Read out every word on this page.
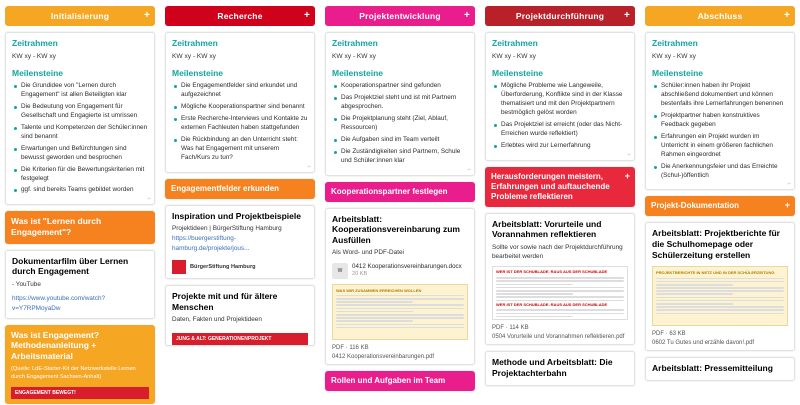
Initialisierung	+
Zeitrahmen
KW xy - KW xy
Meilensteine
Die Grundidee von "Lernen durch Engagement" ist allen Beteiligten klar
Die Bedeutung von Engagement für Gesellschaft und Engagierte ist umrissen
Talente und Kompetenzen der Schüler:innen sind benannt
Erwartungen und Befürchtungen sind bewusst geworden und besprochen
Die Kriterien für die Bewertungskriterien mit festgelegt
ggf. sind bereits Teams gebildet worden
⌐
Was ist "Lernen durch Engagement"?
Dokumentarfilm über Lernen durch Engagement
- YouTube
https://www.youtube.com/watch?v=Y7RPMoyaDw
Was ist Engagement? Methodenanleitung + Arbeitsmaterial
(Quelle: LdE-Starter-Kit der Netzwerkstelle Lernen durch Engagement Sachsen-Anhalt)
ENGAGEMENT BEWEGT!
Recherche	+
Zeitrahmen
KW xy - KW xy
Meilensteine
Die Engagementfelder sind erkundet und aufgezeichnet
Mögliche Kooperationspartner sind benannt
Erste Recherche-Interviews und Kontakte zu externen Fachleuten haben stattgefunden
Die Rückbindung an den Unterricht steht: Was hat Engagement mit unserem Fach/Kurs zu tun?
⌐
Engagementfelder erkunden
Inspiration und Projektbeispiele
Projektideen | BürgerStiftung Hamburg
https://buergerstiftung-hamburg.de/projekte/jous...
BürgerStiftung Hamburg
Projekte mit und für ältere Menschen
Daten, Fakten und Projektideen
JUNG & ALT: GENERATIONENPROJEKT
Projektentwicklung +
Zeitrahmen
KW xy - KW xy
Meilensteine
Kooperationspartner sind gefunden
Das Projektziel steht und ist mit Partnern abgesprochen.
Die Projektplanung steht (Ziel, Ablauf, Ressourcen)
Die Aufgaben sind im Team verteilt
Die Zuständigkeiten sind Partnern, Schule und Schüler:innen klar
⌐
Kooperationspartner festlegen
Arbeitsblatt: Kooperationsvereinbarung zum Ausfüllen
Als Word- und PDF-Datei
W
0412 Kooperationsvereinbarungen.docx
20 KB
WAS WIR ZUSAMMEN ERREICHEN WOLLEN
PDF · 116 KB
0412 Kooperationsvereinbarungen.pdf
Rollen und Aufgaben im Team
Projektdurchführung +
Zeitrahmen
KW xy - KW xy
Meilensteine
Mögliche Probleme wie Langeweile, Überforderung, Konflikte sind in der Klasse thematisiert und mit den Projektpartnern bestmöglich gelöst worden
Das Projektziel ist erreicht (oder das Nicht-Erreichen wurde reflektiert)
Erlebtes wird zur Lernerfahrung
⌐
Herausforderungen meistern, Erfahrungen und auftauchende Probleme reflektieren
+
Arbeitsblatt: Vorurteile und Vorannahmen reflektieren
Sollte vor sowie nach der Projektdurchführung bearbeitet werden
WER IST DER SCHUBLADE. RAUS AUS DER SCHUBLADE
WER IST DER SCHUBLADE. RAUS AUS DER SCHUBLADE
PDF · 114 KB
0504 Vorurteile und Vorannahmen reflektieren.pdf
Methode und Arbeitsblatt: Die Projektachterbahn
Abschluss	+
Zeitrahmen
KW xy - KW xy
Meilensteine
Schüler:innen haben ihr Projekt abschließend dokumentiert und können bestenfalls ihre Lernerfahrungen benennen
Projektpartner haben konstruktives Feedback gegeben
Erfahrungen ein Projekt wurden im Unterricht in einem größeren fachlichen Rahmen eingeordnet
Die Anerkennungsfeier und das Erreichte (Schul-)öffentlich
⌐
Projekt-Dokumentation	+
Arbeitsblatt: Projektberichte für die Schulhomepage oder Schülerzeitung erstellen
PROJEKTBERICHTE IN NETZ UND IN DER SCHÜLERZEITUNG
PDF · 63 KB
0602 Tu Gutes und erzähle davon!.pdf
Arbeitsblatt: Pressemitteilung
